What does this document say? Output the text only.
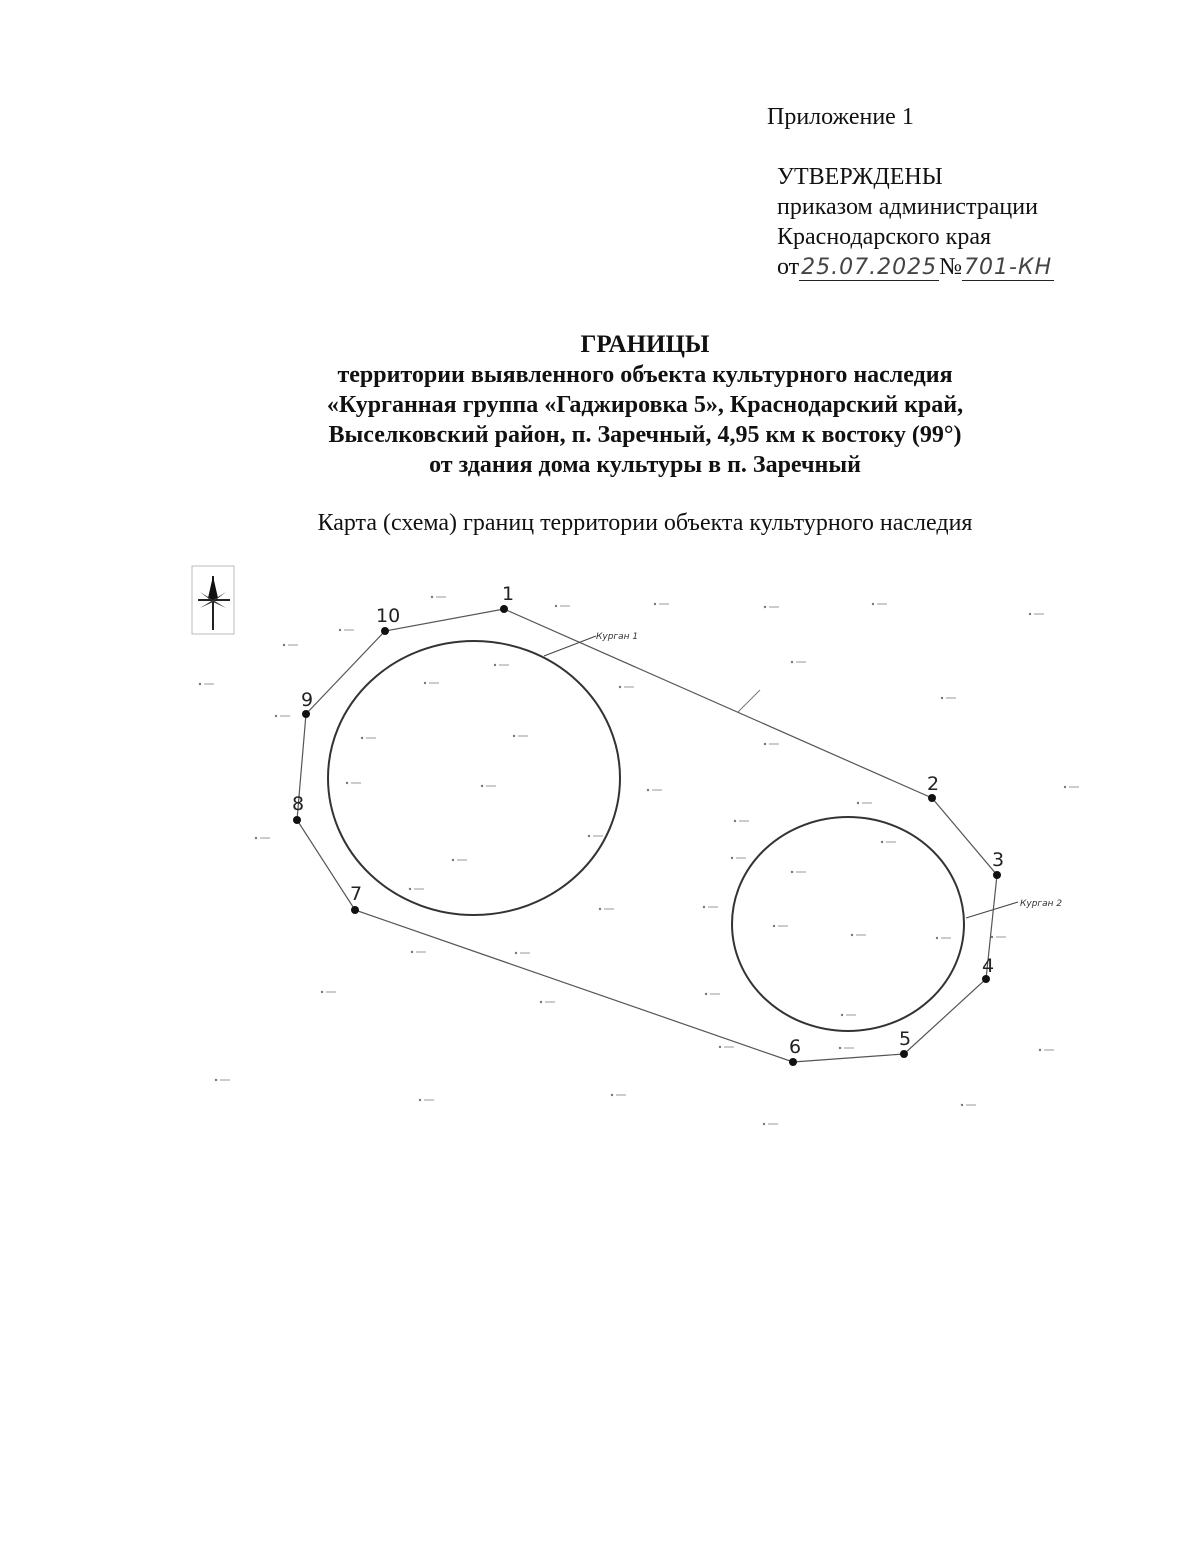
Приложение 1
УТВЕРЖДЕНЫ
приказом администрации
Краснодарского края
от25.07.2025№701-КН
ГРАНИЦЫ
территории выявленного объекта культурного наследия
«Курганная группа «Гаджировка 5», Краснодарский край,
Выселковский район, п. Заречный, 4,95 км к востоку (99°)
от здания дома культуры в п. Заречный
Карта (схема) границ территории объекта культурного наследия
Курган 1
Курган 2
1
2
3
4
5
6
7
8
9
10
